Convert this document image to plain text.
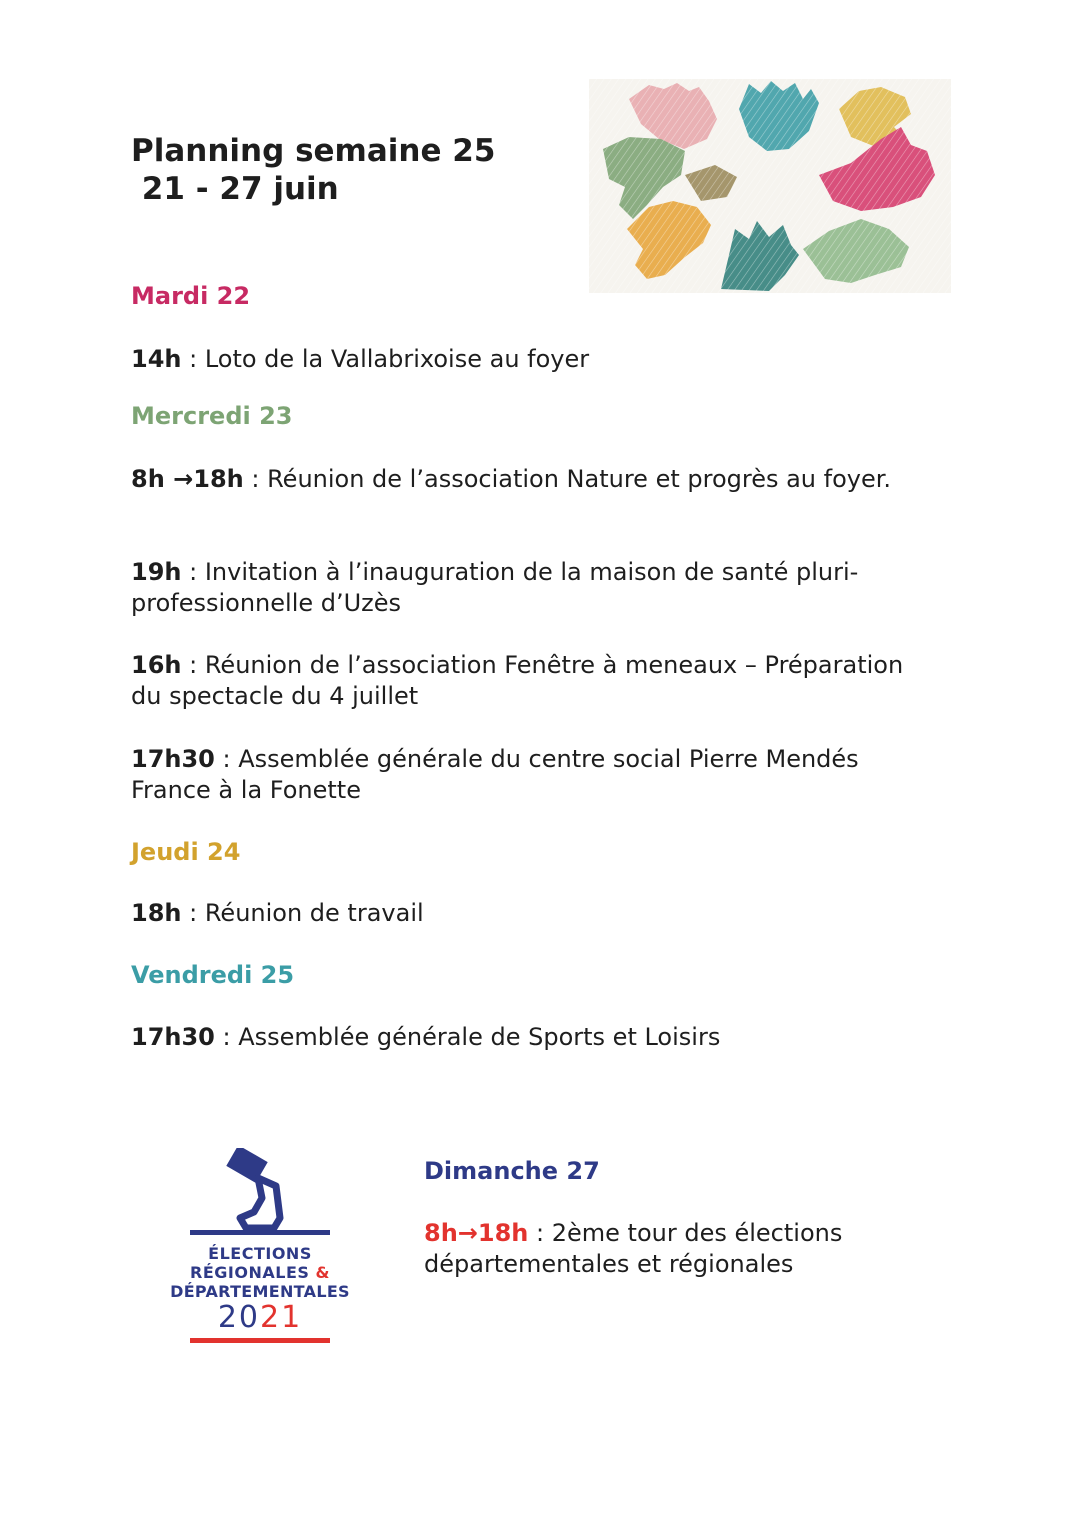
Planning semaine 25
21 - 27 juin
Mardi 22

14h : Loto de la Vallabrixoise au foyer

Mercredi 23

8h →18h : Réunion de l’association Nature et progrès au foyer.

19h : Invitation à l’inauguration de la maison de santé pluri-professionnelle d’Uzès

16h : Réunion de l’association Fenêtre à meneaux – Préparation du spectacle du 4 juillet

17h30 : Assemblée générale du centre social Pierre Mendés France à la Fonette

Jeudi 24

18h : Réunion de travail

Vendredi 25

17h30 : Assemblée générale de Sports et Loisirs

ÉLECTIONS

RÉGIONALES &

DÉPARTEMENTALES

2021

Dimanche 27

8h→18h : 2ème tour des élections départementales et régionales
